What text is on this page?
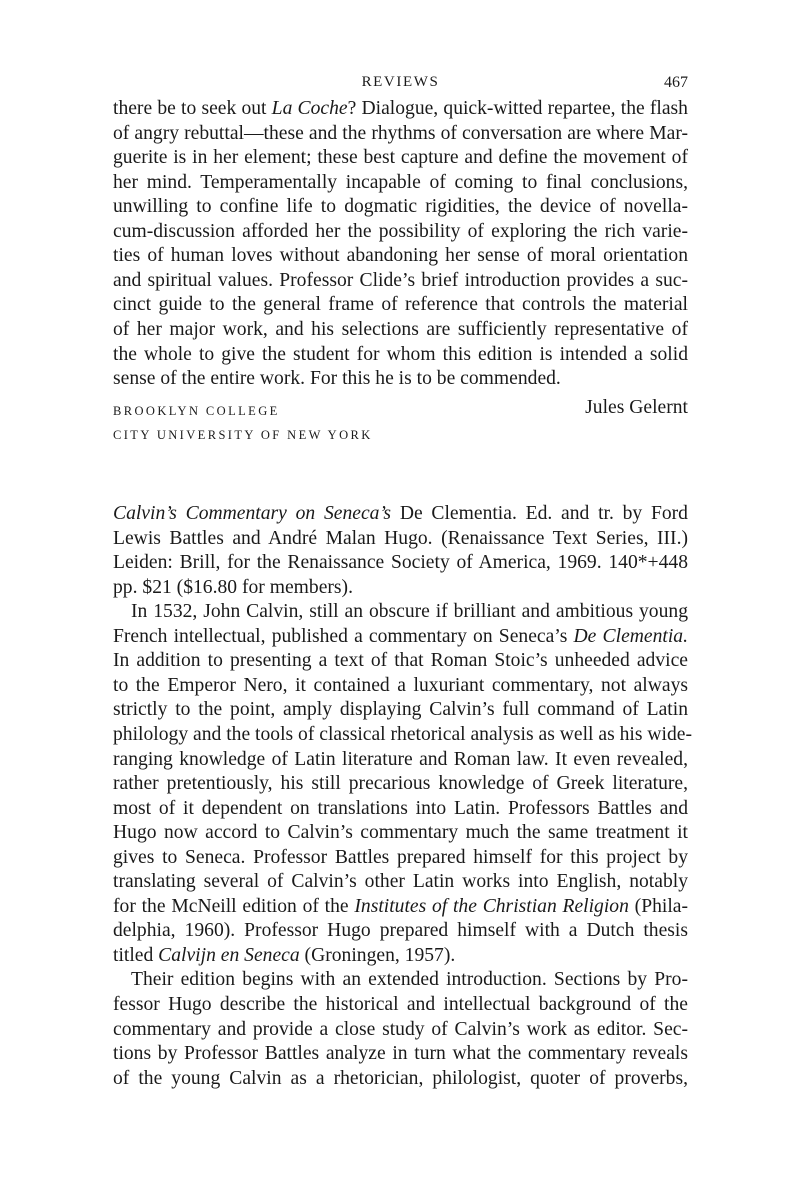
REVIEWS	467
there be to seek out La Coche? Dialogue, quick-witted repartee, the flash
of angry rebuttal—these and the rhythms of conversation are where Mar-
guerite is in her element; these best capture and define the movement of
her mind. Temperamentally incapable of coming to final conclusions,
unwilling to confine life to dogmatic rigidities, the device of novella-
cum-discussion afforded her the possibility of exploring the rich varie-
ties of human loves without abandoning her sense of moral orientation
and spiritual values. Professor Clide’s brief introduction provides a suc-
cinct guide to the general frame of reference that controls the material
of her major work, and his selections are sufficiently representative of
the whole to give the student for whom this edition is intended a solid
sense of the entire work. For this he is to be commended.
BROOKLYN COLLEGE	Jules Gelernt
CITY UNIVERSITY OF NEW YORK
Calvin’s Commentary on Seneca’s De Clementia. Ed. and tr. by Ford
Lewis Battles and André Malan Hugo. (Renaissance Text Series, III.)
Leiden: Brill, for the Renaissance Society of America, 1969. 140*+448
pp. $21 ($16.80 for members).
In 1532, John Calvin, still an obscure if brilliant and ambitious young
French intellectual, published a commentary on Seneca’s De Clementia.
In addition to presenting a text of that Roman Stoic’s unheeded advice
to the Emperor Nero, it contained a luxuriant commentary, not always
strictly to the point, amply displaying Calvin’s full command of Latin
philology and the tools of classical rhetorical analysis as well as his wide-
ranging knowledge of Latin literature and Roman law. It even revealed,
rather pretentiously, his still precarious knowledge of Greek literature,
most of it dependent on translations into Latin. Professors Battles and
Hugo now accord to Calvin’s commentary much the same treatment it
gives to Seneca. Professor Battles prepared himself for this project by
translating several of Calvin’s other Latin works into English, notably
for the McNeill edition of the Institutes of the Christian Religion (Phila-
delphia, 1960). Professor Hugo prepared himself with a Dutch thesis
titled Calvijn en Seneca (Groningen, 1957).
Their edition begins with an extended introduction. Sections by Pro-
fessor Hugo describe the historical and intellectual background of the
commentary and provide a close study of Calvin’s work as editor. Sec-
tions by Professor Battles analyze in turn what the commentary reveals
of the young Calvin as a rhetorician, philologist, quoter of proverbs,
